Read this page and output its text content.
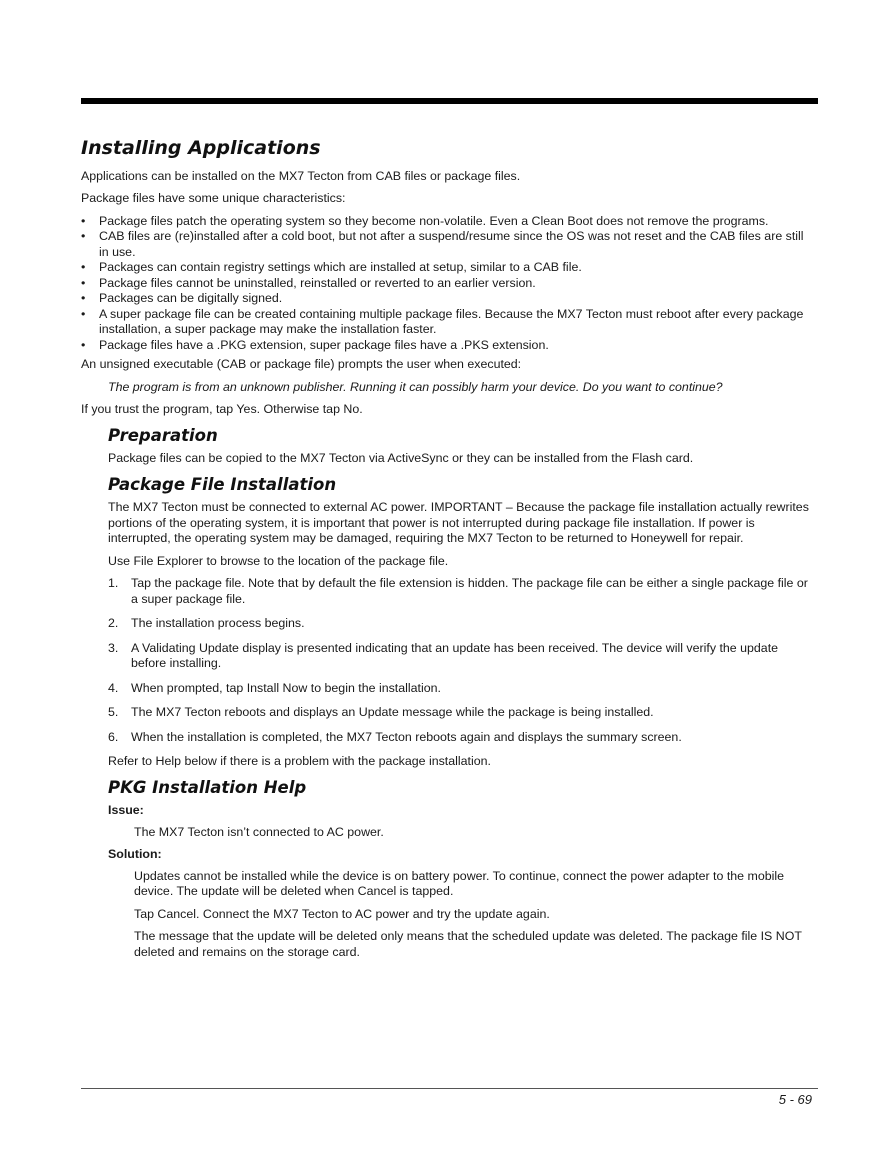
Installing Applications

Applications can be installed on the MX7 Tecton from CAB files or package files.

Package files have some unique characteristics:

• Package files patch the operating system so they become non-volatile. Even a Clean Boot does not remove the programs.
• CAB files are (re)installed after a cold boot, but not after a suspend/resume since the OS was not reset and the CAB files are still in use.
• Packages can contain registry settings which are installed at setup, similar to a CAB file.
• Package files cannot be uninstalled, reinstalled or reverted to an earlier version.
• Packages can be digitally signed.
• A super package file can be created containing multiple package files. Because the MX7 Tecton must reboot after every package installation, a super package may make the installation faster.
• Package files have a .PKG extension, super package files have a .PKS extension.

An unsigned executable (CAB or package file) prompts the user when executed:

The program is from an unknown publisher. Running it can possibly harm your device. Do you want to continue?

If you trust the program, tap Yes. Otherwise tap No.

Preparation

Package files can be copied to the MX7 Tecton via ActiveSync or they can be installed from the Flash card.

Package File Installation

The MX7 Tecton must be connected to external AC power. IMPORTANT – Because the package file installation actually rewrites portions of the operating system, it is important that power is not interrupted during package file installation. If power is interrupted, the operating system may be damaged, requiring the MX7 Tecton to be returned to Honeywell for repair.

Use File Explorer to browse to the location of the package file.

1.	Tap the package file. Note that by default the file extension is hidden. The package file can be either a single package file or a super package file.
2.	The installation process begins.
3.	A Validating Update display is presented indicating that an update has been received. The device will verify the update before installing.
4.	When prompted, tap Install Now to begin the installation.
5.	The MX7 Tecton reboots and displays an Update message while the package is being installed.
6.	When the installation is completed, the MX7 Tecton reboots again and displays the summary screen.

Refer to Help below if there is a problem with the package installation.

PKG Installation Help

Issue:

The MX7 Tecton isn’t connected to AC power.

Solution:

Updates cannot be installed while the device is on battery power. To continue, connect the power adapter to the mobile device. The update will be deleted when Cancel is tapped.

Tap Cancel. Connect the MX7 Tecton to AC power and try the update again.

The message that the update will be deleted only means that the scheduled update was deleted. The package file IS NOT deleted and remains on the storage card.

5 - 69
